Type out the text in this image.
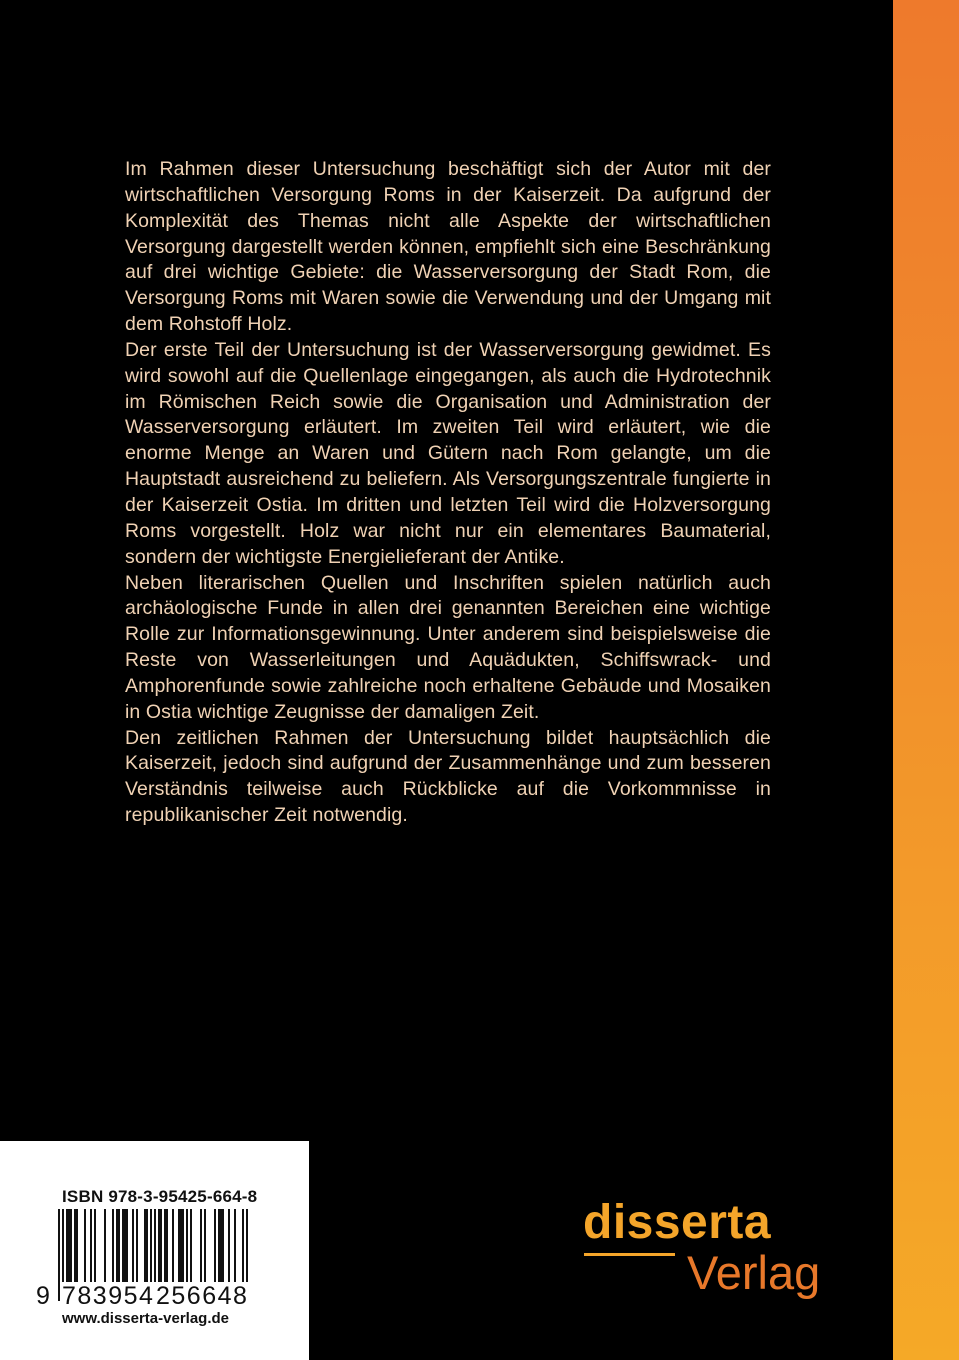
Im Rahmen dieser Untersuchung beschäftigt sich der Autor mit der wirtschaftlichen Versorgung Roms in der Kaiserzeit. Da aufgrund der Komplexität des Themas nicht alle Aspekte der wirtschaftlichen Versorgung dargestellt werden können, empfiehlt sich eine Beschränkung auf drei wichtige Gebiete: die Wasserversorgung der Stadt Rom, die Versorgung Roms mit Waren sowie die Verwendung und der Umgang mit dem Rohstoff Holz.

Der erste Teil der Untersuchung ist der Wasserversorgung gewidmet. Es wird sowohl auf die Quellenlage eingegangen, als auch die Hydrotechnik im Römischen Reich sowie die Organisation und Administration der Wasserversorgung erläutert. Im zweiten Teil wird erläutert, wie die enorme Menge an Waren und Gütern nach Rom gelangte, um die Hauptstadt ausreichend zu beliefern. Als Versorgungszentrale fungierte in der Kaiserzeit Ostia. Im dritten und letzten Teil wird die Holzversorgung Roms vorgestellt. Holz war nicht nur ein elementares Baumaterial, sondern der wichtigste Energielieferant der Antike.

Neben literarischen Quellen und Inschriften spielen natürlich auch archäologische Funde in allen drei genannten Bereichen eine wichtige Rolle zur Informationsgewinnung. Unter anderem sind beispielsweise die Reste von Wasserleitungen und Aquädukten, Schiffswrack- und Amphorenfunde sowie zahlreiche noch erhaltene Gebäude und Mosaiken in Ostia wichtige Zeugnisse der damaligen Zeit.

Den zeitlichen Rahmen der Untersuchung bildet hauptsächlich die Kaiserzeit, jedoch sind aufgrund der Zusammenhänge und zum besseren Verständnis teilweise auch Rückblicke auf die Vorkommnisse in republikanischer Zeit notwendig.

ISBN 978-3-95425-664-8
9 783954 256648
www.disserta-verlag.de
disserta
Verlag
